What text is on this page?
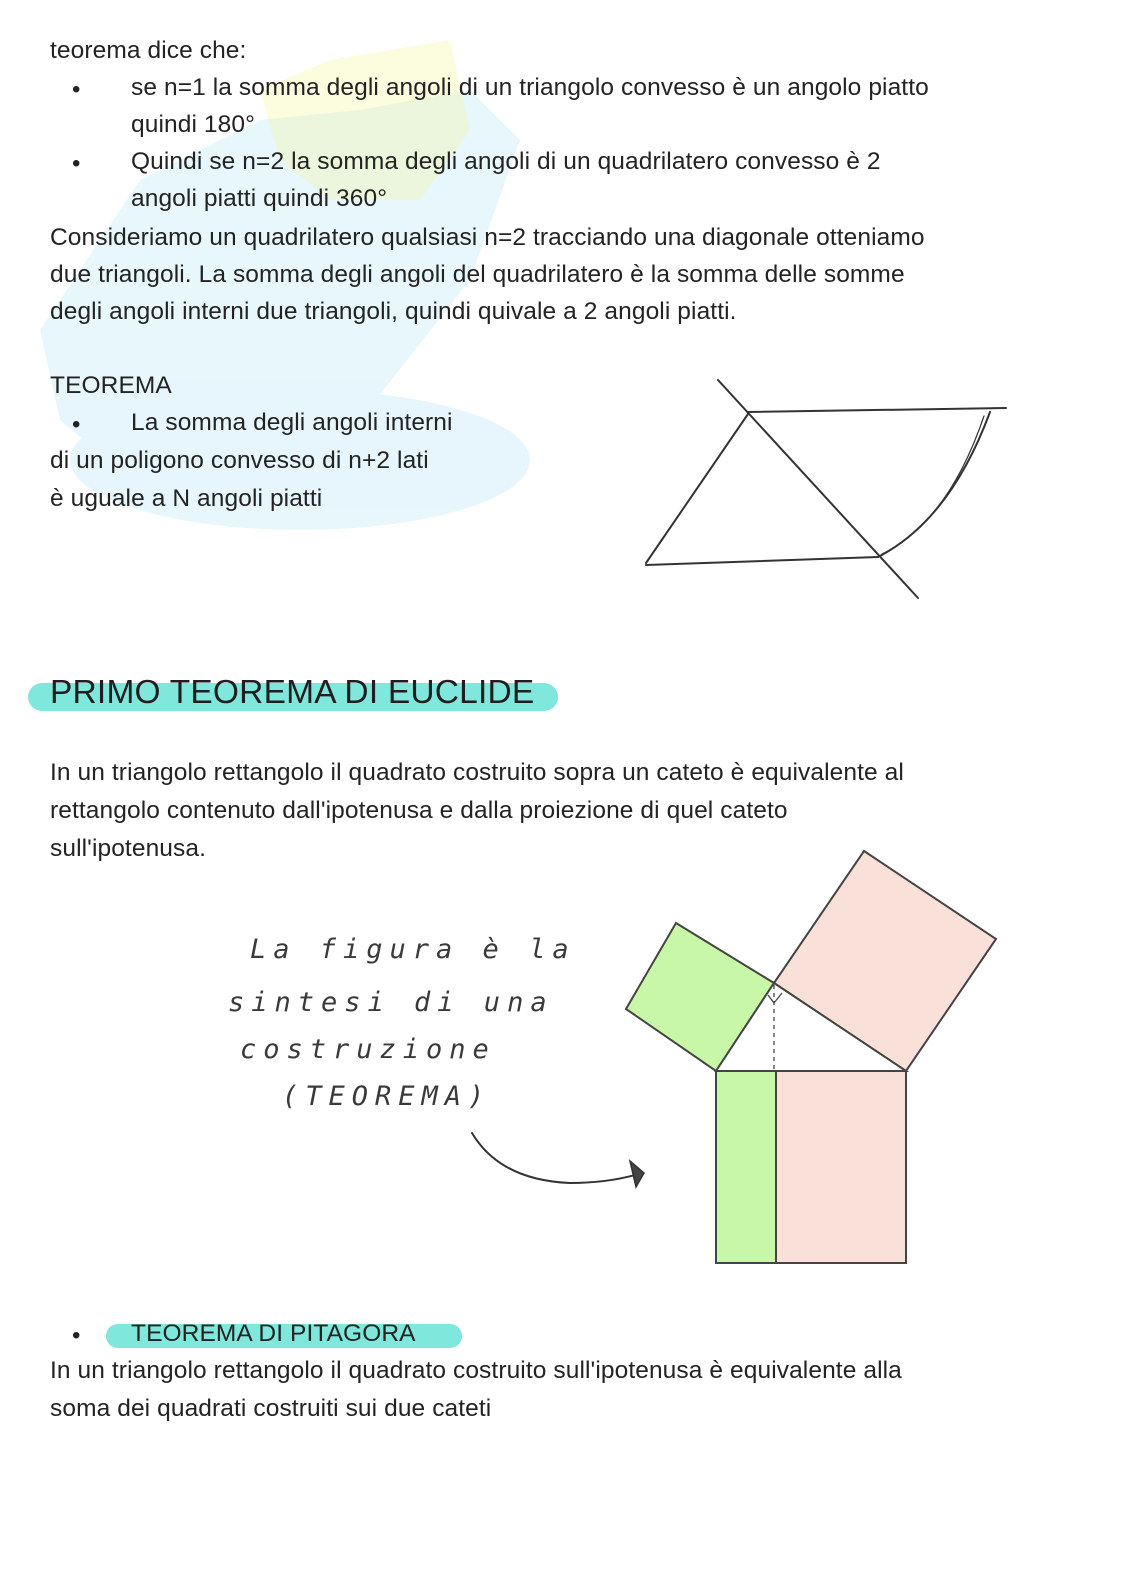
teorema dice che:
• se n=1 la somma degli angoli di un triangolo convesso è un angolo piatto
quindi 180°
• Quindi se n=2 la somma degli angoli di un quadrilatero convesso è 2
angoli piatti quindi 360°
Consideriamo un quadrilatero qualsiasi n=2 tracciando una diagonale otteniamo
due triangoli. La somma degli angoli del quadrilatero è la somma delle somme
degli angoli interni due triangoli, quindi quivale a 2 angoli piatti.
TEOREMA
• La somma degli angoli interni
di un poligono convesso di n+2 lati
è uguale a N angoli piatti
PRIMO TEOREMA DI EUCLIDE
In un triangolo rettangolo il quadrato costruito sopra un cateto è equivalente al
rettangolo contenuto dall'ipotenusa e dalla proiezione di quel cateto
sull'ipotenusa.
La figura è la
sintesi di una
costruzione
(TEOREMA)
• TEOREMA DI PITAGORA
In un triangolo rettangolo il quadrato costruito sull'ipotenusa è equivalente alla
soma dei quadrati costruiti sui due cateti
